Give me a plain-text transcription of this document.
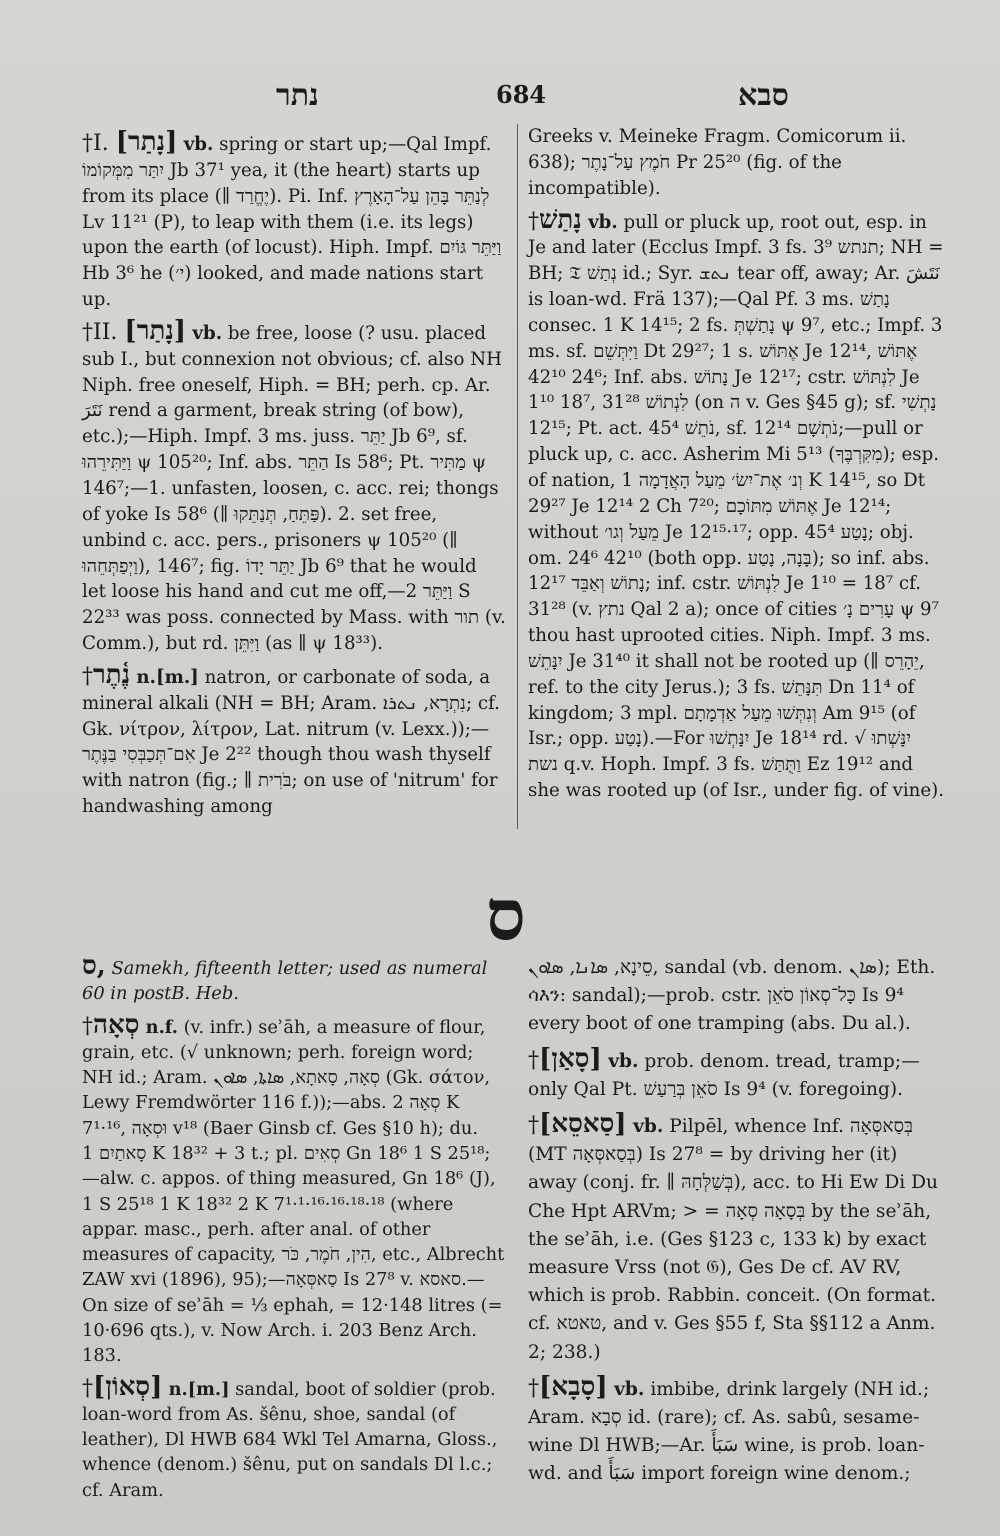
נתר	684	סבא

†I. [נָתַר] vb. spring or start up;—Qal Impf. יִתַּר מִמְּקוֹמוֹ Jb 37¹ yea, it (the heart) starts up from its place (∥ יֶחֱרַד). Pi. Inf. לְנַתֵּר בָּהֵן עַל־הָאָרֶץ Lv 11²¹ (P), to leap with them (i.e. its legs) upon the earth (of locust). Hiph. Impf. וַיַּתֵּר גּוֹיִם Hb 3⁶ he (י׳) looked, and made nations start up.

†II. [נָתַר] vb. be free, loose (? usu. placed sub I., but connexion not obvious; cf. also NH Niph. free oneself, Hiph. = BH; perh. cp. Ar. نَتَرَ rend a garment, break string (of bow), etc.);—Hiph. Impf. 3 ms. juss. יַתֵּר Jb 6⁹, sf. וַיַּתִּירֵהוּ ψ 105²⁰; Inf. abs. הַתֵּר Is 58⁶; Pt. מַתִּיר ψ 146⁷;—1. unfasten, loosen, c. acc. rei; thongs of yoke Is 58⁶ (∥ פַּתֵּחַ, תְּנַתֵּקוּ). 2. set free, unbind c. acc. pers., prisoners ψ 105²⁰ (∥ וַיְפַתְּחֵהוּ), 146⁷; fig. יַתֵּר יָדוֹ Jb 6⁹ that he would let loose his hand and cut me off,—וַיַּתֵּר 2 S 22³³ was poss. connected by Mass. with תור (v. Comm.), but rd. וַיִּתֵּן (as ∥ ψ 18³³).

†נֶ֫תֶר n.[m.] natron, or carbonate of soda, a mineral alkali (NH = BH; Aram. נִתְרָא, ܢܬܪܐ; cf. Gk. νίτρον, λίτρον, Lat. nitrum (v. Lexx.));—אִם־תְּכַבְּסִי בַּנֶּתֶר Je 2²² though thou wash thyself with natron (fig.; ∥ בֹּרִית; on use of 'nitrum' for handwashing among

Greeks v. Meineke Fragm. Comicorum ii. 638); חֹמֶץ עַל־נָתֶר Pr 25²⁰ (fig. of the incompatible).

†נָתַשׁ vb. pull or pluck up, root out, esp. in Je and later (Ecclus Impf. 3 fs. תנתש 3⁹; NH = BH; 𝔗 נְתַשׁ id.; Syr. ܢܬܫ tear off, away; Ar. نَتَشَ is loan-wd. Frä 137);—Qal Pf. 3 ms. נָתַשׁ consec. 1 K 14¹⁵; 2 fs. נָתַשְׁתְּ ψ 9⁷, etc.; Impf. 3 ms. sf. וַיִּתְּשֵׁם Dt 29²⁷; 1 s. אֶתּוֹשׁ Je 12¹⁴, אֶתּוֹשׁ 24⁶ 42¹⁰; Inf. abs. נָתוֹשׁ Je 12¹⁷; cstr. לִנְתּוֹשׁ Je 1¹⁰ 18⁷, לִנְתוֹשׁ 31²⁸ (on ה v. Ges §45 g); sf. נָתְשִׁי 12¹⁵; Pt. act. נֹתֵשׁ 45⁴, sf. נֹתְשָׁם 12¹⁴;—pull or pluck up, c. acc. Asherim Mi 5¹³ (מִקִּרְבֶּךָ); esp. of nation, וְנ׳ אֶת־יִשׂ׳ מֵעַל הָאֲדָמָה 1 K 14¹⁵, so Dt 29²⁷ Je 12¹⁴ 2 Ch 7²⁰; אֶתּוֹשׁ מִתּוֹכָם Je 12¹⁴; without מֵעַל וְגו׳ Je 12¹⁵·¹⁷; opp. נָטַע 45⁴; obj. om. 24⁶ 42¹⁰ (both opp. בָּנָה, נָטַע); so inf. abs. נָתוֹשׁ וְאַבֵּד 12¹⁷; inf. cstr. לִנְתּוֹשׁ Je 1¹⁰ = 18⁷ cf. 31²⁸ (v. נתץ Qal 2 a); once of cities עָרִים נָ׳ ψ 9⁷ thou hast uprooted cities. Niph. Impf. 3 ms. יִנָּתֵשׁ Je 31⁴⁰ it shall not be rooted up (∥ יֵהָרֵס, ref. to the city Jerus.); 3 fs. תִּנָּתֵשׁ Dn 11⁴ of kingdom; 3 mpl. וְנִתְּשׁוּ מֵעַל אַדְמָתָם Am 9¹⁵ (of Isr.; opp. נָטַע).—For יִנָּתְשׁוּ Je 18¹⁴ rd. יִנָּשְׁתוּ √ נשת q.v. Hoph. Impf. 3 fs. וַתֻּתַּשׁ Ez 19¹² and she was rooted up (of Isr., under fig. of vine).

ס

ס, Samekh, fifteenth letter; used as numeral 60 in postB. Heb.

†סְאָה n.f. (v. infr.) seʾāh, a measure of flour, grain, etc. (√ unknown; perh. foreign word; NH id.; Aram. סְאָה, סָאתָא, ܣܐܬܐ, ܣܐܘܢ (Gk. σάτον, Lewy Fremdwörter 116 f.));—abs. סְאָה 2 K 7¹·¹⁶, וּסְאָה v¹⁸ (Baer Ginsb cf. Ges §10 h); du. סָאתַיִם 1 K 18³² + 3 t.; pl. סְאִים Gn 18⁶ 1 S 25¹⁸;—alw. c. appos. of thing measured, Gn 18⁶ (J), 1 S 25¹⁸ 1 K 18³² 2 K 7¹·¹·¹⁶·¹⁶·¹⁸·¹⁸ (where appar. masc., perh. after anal. of other measures of capacity, הִין, חֹמֶר, כֹּר, etc., Albrecht ZAW xvi (1896), 95);—סַאסְּאָה Is 27⁸ v. סאסא.—On size of seʾāh = ⅓ ephah, = 12·148 litres (= 10·696 qts.), v. Now Arch. i. 203 Benz Arch. 183.

†[סְאוֹן] n.[m.] sandal, boot of soldier (prob. loan-word from As. šênu, shoe, sandal (of leather), Dl HWB 684 Wkl Tel Amarna, Gloss., whence (denom.) šênu, put on sandals Dl l.c.; cf. Aram.

סֵינָא, ܣܐܢܐ, ܣܐܘܢ, sandal (vb. denom. ܣܐܢ); Eth. ሳእን: sandal);—prob. cstr. כָּל־סְאוֹן סֹאֵן Is 9⁴ every boot of one tramping (abs. Du al.).

†[סָאַן] vb. prob. denom. tread, tramp;—only Qal Pt. סֹאֵן בְּרַעַשׁ Is 9⁴ (v. foregoing).

†[סַאסֵא] vb. Pilpēl, whence Inf. בְּסַאסְּאָה (MT בְּסַאסְּאָה) Is 27⁸ = by driving her (it) away (conj. fr. ∥ בְּשַׁלְּחָהּ), acc. to Hi Ew Di Du Che Hpt ARVm; > = בְּסָאָה סְאָה by the seʾāh, the seʾāh, i.e. (Ges §123 c, 133 k) by exact measure Vrss (not 𝔊), Ges De cf. AV RV, which is prob. Rabbin. conceit. (On format. cf. טאטא, and v. Ges §55 f, Sta §§112 a Anm. 2; 238.)

†[סָבָא] vb. imbibe, drink largely (NH id.; Aram. סְבָא id. (rare); cf. As. sabû, sesame-wine Dl HWB;—Ar. سَبَأَ wine, is prob. loan-wd. and سَبَأَ import foreign wine denom.;
